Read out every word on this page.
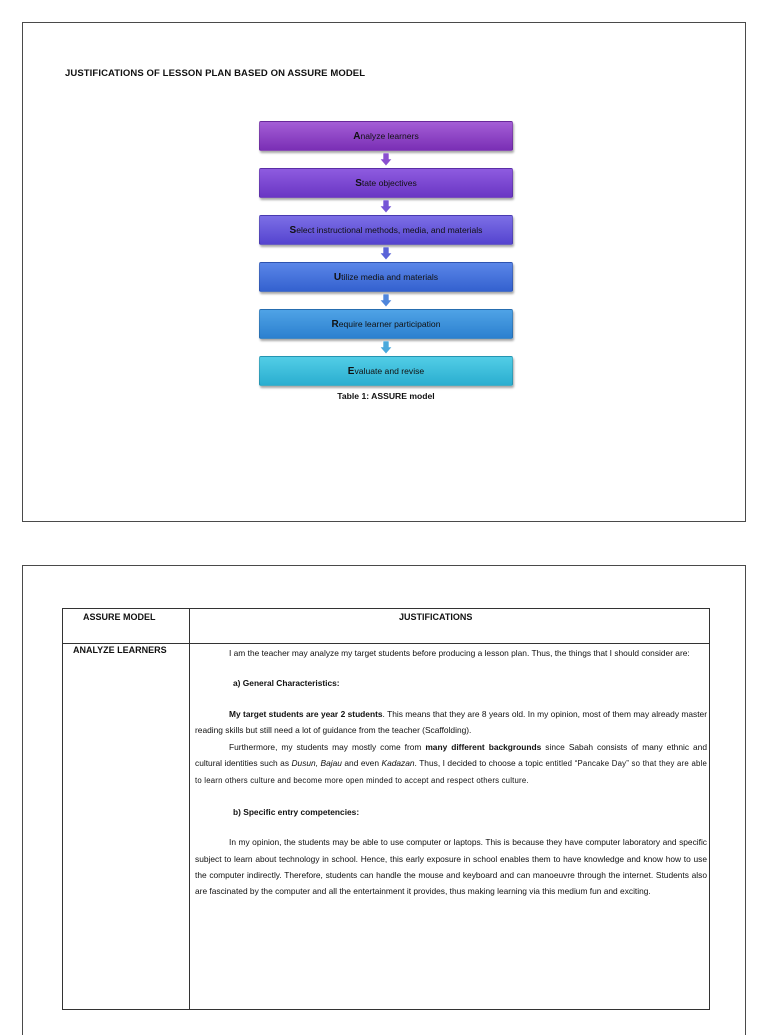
JUSTIFICATIONS OF LESSON PLAN BASED ON ASSURE MODEL
A nalyze learners
S tate objectives
S elect instructional methods, media, and materials
U tilize media and materials
R equire learner participation
E valuate and revise
Table 1: ASSURE model
ASSURE MODEL	JUSTIFICATIONS
ANALYZE LEARNERS	I am the teacher may analyze my target students before producing a lesson plan. Thus, the things that I should consider are:

a) General Characteristics:

My target students are year 2 students. This means that they are 8 years old. In my opinion, most of them may already master reading skills but still need a lot of guidance from the teacher (Scaffolding).

Furthermore, my students may mostly come from many different backgrounds since Sabah consists of many ethnic and cultural identities such as Dusun, Bajau and even Kadazan. Thus, I decided to choose a topic entitled “Pancake Day” so that they are able to learn others culture and become more open minded to accept and respect others culture.

b) Specific entry competencies:

In my opinion, the students may be able to use computer or laptops. This is because they have computer laboratory and specific subject to learn about technology in school. Hence, this early exposure in school enables them to have knowledge and know how to use the computer indirectly. Therefore, students can handle the mouse and keyboard and can manoeuvre through the internet. Students also are fascinated by the computer and all the entertainment it provides, thus making learning via this medium fun and exciting.
